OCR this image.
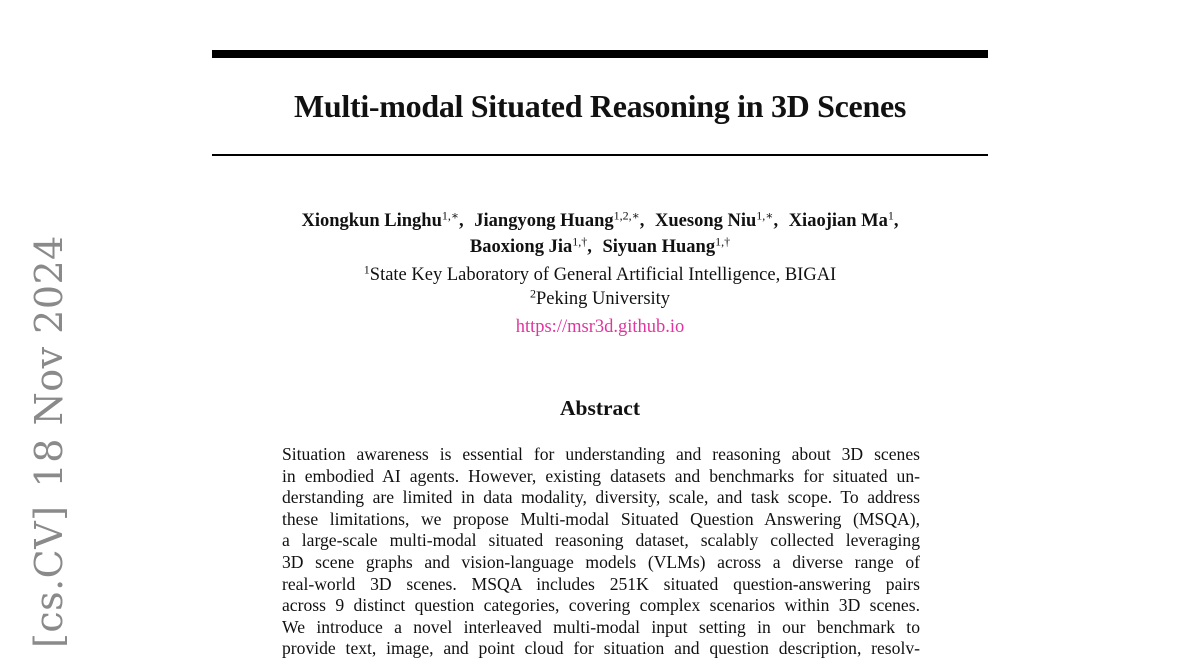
[cs.CV]18 Nov 2024
Multi-modal Situated Reasoning in 3D Scenes
Xiongkun Linghu$^{1,∗}$, Jiangyong Huang$^{1,2,∗}$, Xuesong Niu$^{1,∗}$, Xiaojian Ma$^1$,
Baoxiong Jia$^{1,\dagger}$, Siyuan Huang$^{1,\dagger}$
$^1$State Key Laboratory of General Artificial Intelligence, BIGAI
$^2$Peking University
https://msr3d.github.io
Abstract
Situation awareness is essential for understanding and reasoning about 3D scenes
in embodied AI agents. However, existing datasets and benchmarks for situated un-
derstanding are limited in data modality, diversity, scale, and task scope. To address
these limitations, we propose Multi-modal Situated Question Answering (MSQA),
a large-scale multi-modal situated reasoning dataset, scalably collected leveraging
3D scene graphs and vision-language models (VLMs) across a diverse range of
real-world 3D scenes. MSQA includes 251K situated question-answering pairs
across 9 distinct question categories, covering complex scenarios within 3D scenes.
We introduce a novel interleaved multi-modal input setting in our benchmark to
provide text, image, and point cloud for situation and question description, resolv-
